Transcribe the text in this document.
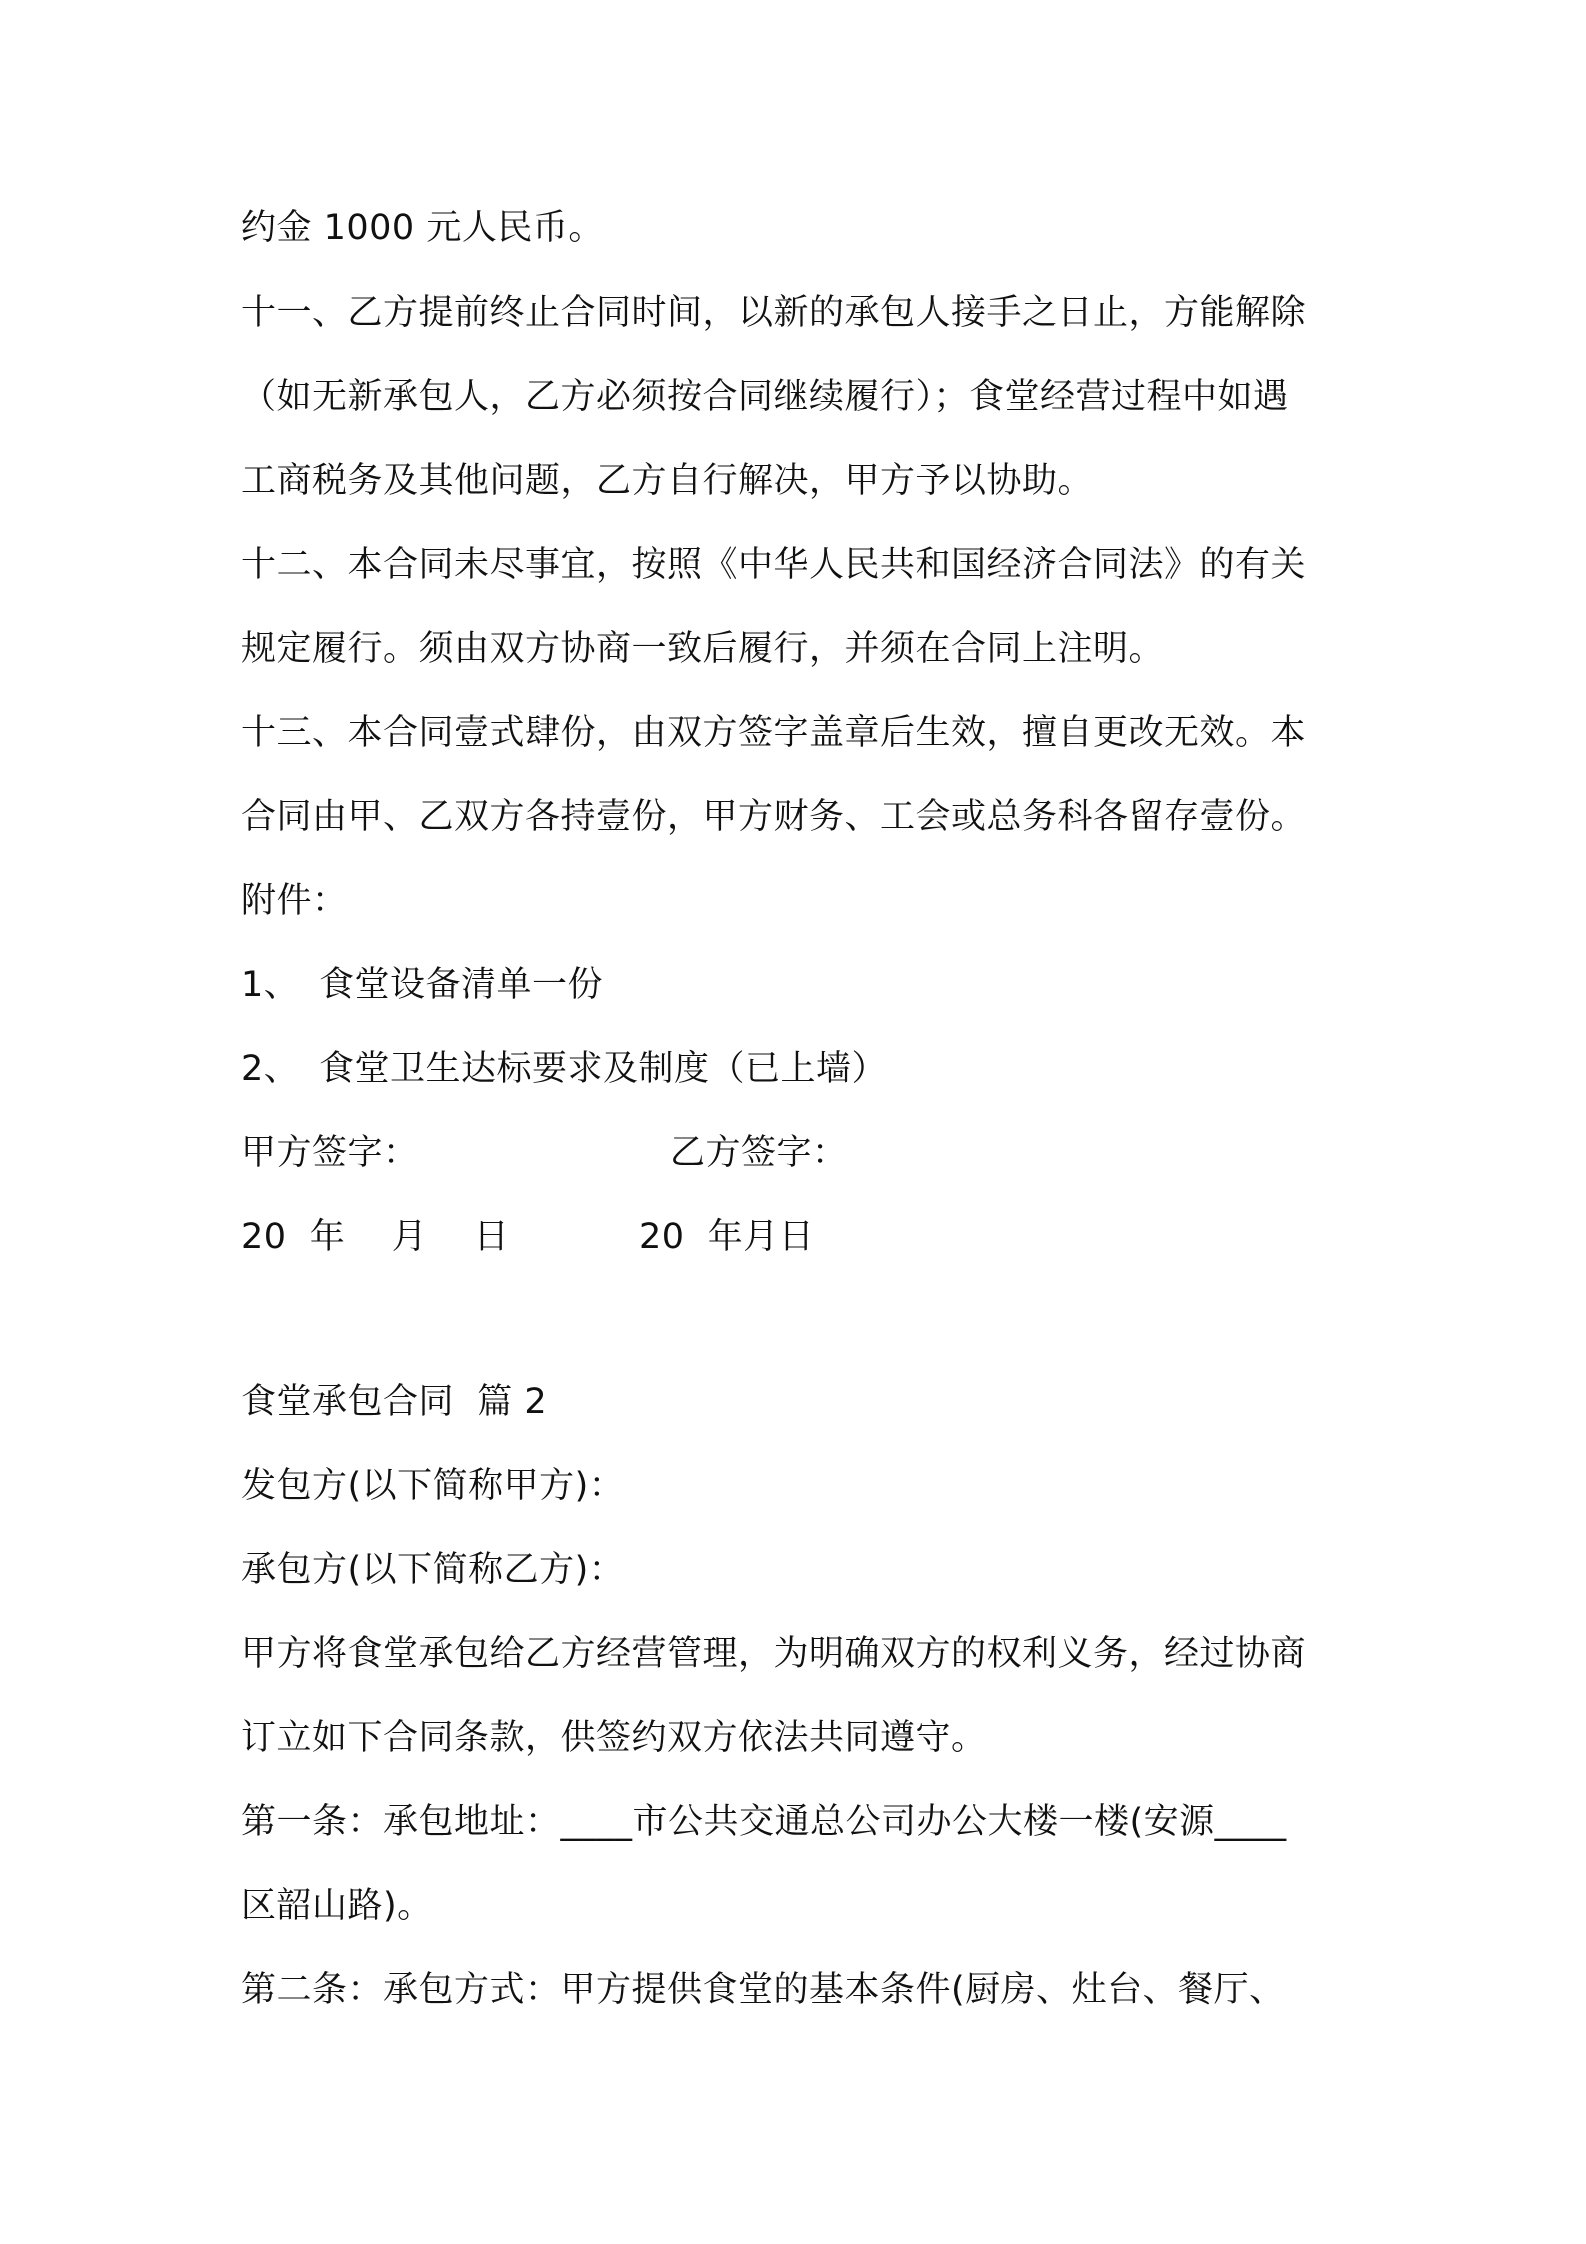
约金 1000 元人民币。
十一、乙方提前终止合同时间，以新的承包人接手之日止，方能解除
（如无新承包人，乙方必须按合同继续履行）；食堂经营过程中如遇
工商税务及其他问题，乙方自行解决，甲方予以协助。
十二、本合同未尽事宜，按照《中华人民共和国经济合同法》的有关
规定履行。须由双方协商一致后履行，并须在合同上注明。
十三、本合同壹式肆份，由双方签字盖章后生效，擅自更改无效。本
合同由甲、乙双方各持壹份，甲方财务、工会或总务科各留存壹份。
附件：
1、 食堂设备清单一份
2、 食堂卫生达标要求及制度（已上墙）
甲方签字：	乙方签字：

20  年    月    日

	20  年月日

食堂承包合同  篇 2
发包方(以下简称甲方)：
承包方(以下简称乙方)：
甲方将食堂承包给乙方经营管理，为明确双方的权利义务，经过协商
订立如下合同条款，供签约双方依法共同遵守。
第一条：承包地址：____市公共交通总公司办公大楼一楼(安源____
区韶山路)。
第二条：承包方式：甲方提供食堂的基本条件(厨房、灶台、餐厅、
